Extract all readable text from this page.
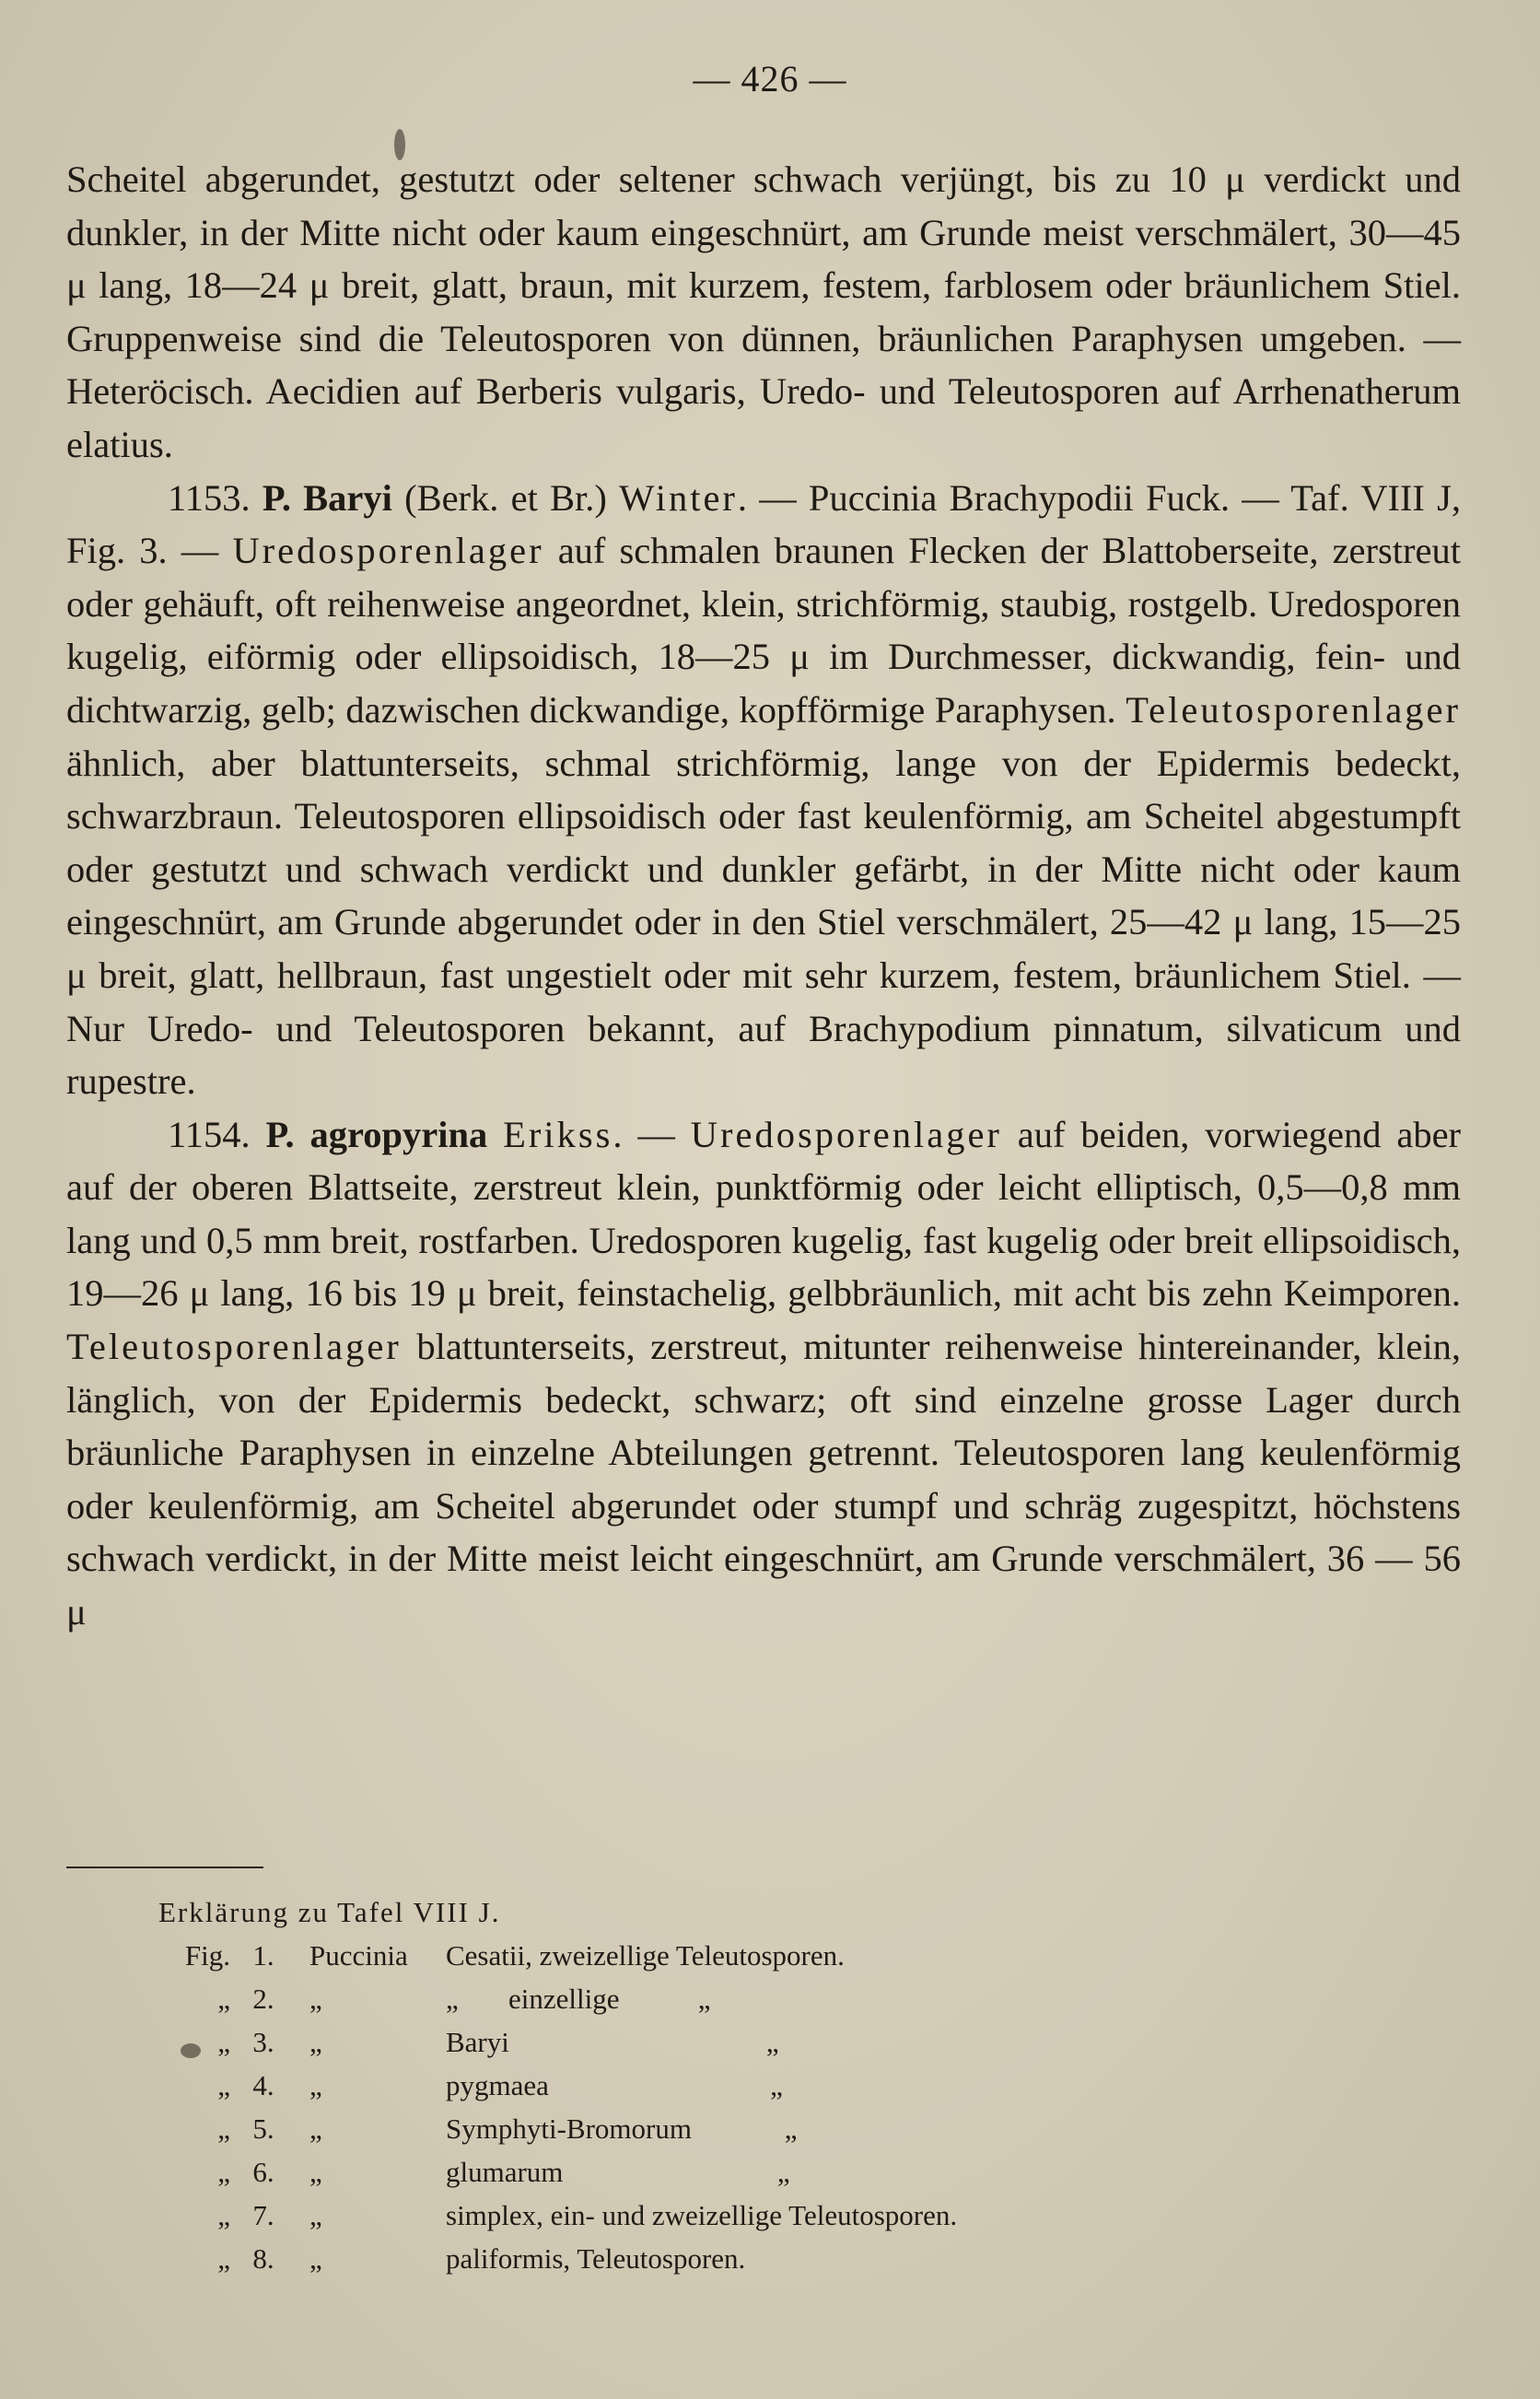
— 426 —

Scheitel abgerundet, gestutzt oder seltener schwach verjüngt, bis zu 10 μ verdickt und dunkler, in der Mitte nicht oder kaum eingeschnürt, am Grunde meist verschmälert, 30—45 μ lang, 18—24 μ breit, glatt, braun, mit kurzem, festem, farblosem oder bräunlichem Stiel. Gruppenweise sind die Teleutosporen von dünnen, bräunlichen Paraphysen umgeben. — Heteröcisch. Aecidien auf Berberis vulgaris, Uredo- und Teleutosporen auf Arrhenatherum elatius.

1153. P. Baryi (Berk. et Br.) Winter. — Puccinia Brachypodii Fuck. — Taf. VIII J, Fig. 3. — Uredosporenlager auf schmalen braunen Flecken der Blattoberseite, zerstreut oder gehäuft, oft reihenweise angeordnet, klein, strichförmig, staubig, rostgelb. Uredosporen kugelig, eiförmig oder ellipsoidisch, 18—25 μ im Durchmesser, dickwandig, fein- und dichtwarzig, gelb; dazwischen dickwandige, kopfförmige Paraphysen. Teleutosporenlager ähnlich, aber blattunterseits, schmal strichförmig, lange von der Epidermis bedeckt, schwarzbraun. Teleutosporen ellipsoidisch oder fast keulenförmig, am Scheitel abgestumpft oder gestutzt und schwach verdickt und dunkler gefärbt, in der Mitte nicht oder kaum eingeschnürt, am Grunde abgerundet oder in den Stiel verschmälert, 25—42 μ lang, 15—25 μ breit, glatt, hellbraun, fast ungestielt oder mit sehr kurzem, festem, bräunlichem Stiel. — Nur Uredo- und Teleutosporen bekannt, auf Brachypodium pinnatum, silvaticum und rupestre.

1154. P. agropyrina Erikss. — Uredosporenlager auf beiden, vorwiegend aber auf der oberen Blattseite, zerstreut klein, punktförmig oder leicht elliptisch, 0,5—0,8 mm lang und 0,5 mm breit, rostfarben. Uredosporen kugelig, fast kugelig oder breit ellipsoidisch, 19—26 μ lang, 16 bis 19 μ breit, feinstachelig, gelbbräunlich, mit acht bis zehn Keimporen. Teleutosporenlager blattunterseits, zerstreut, mitunter reihenweise hintereinander, klein, länglich, von der Epidermis bedeckt, schwarz; oft sind einzelne grosse Lager durch bräunliche Paraphysen in einzelne Abteilungen getrennt. Teleutosporen lang keulenförmig oder keulenförmig, am Scheitel abgerundet oder stumpf und schräg zugespitzt, höchstens schwach verdickt, in der Mitte meist leicht eingeschnürt, am Grunde verschmälert, 36 — 56 μ

Erklärung zu Tafel VIII J.
Fig. 1.	Puccinia	Cesatii, zweizellige Teleutosporen.
„ 2.	„	„       einzellige           „
„ 3.	„	Baryi                                    „
„ 4.	„	pygmaea                               „
„ 5.	„	Symphyti-Bromorum             „
„ 6.	„	glumarum                              „
„ 7.	„	simplex, ein- und zweizellige Teleutosporen.
„ 8.	„	paliformis, Teleutosporen.
